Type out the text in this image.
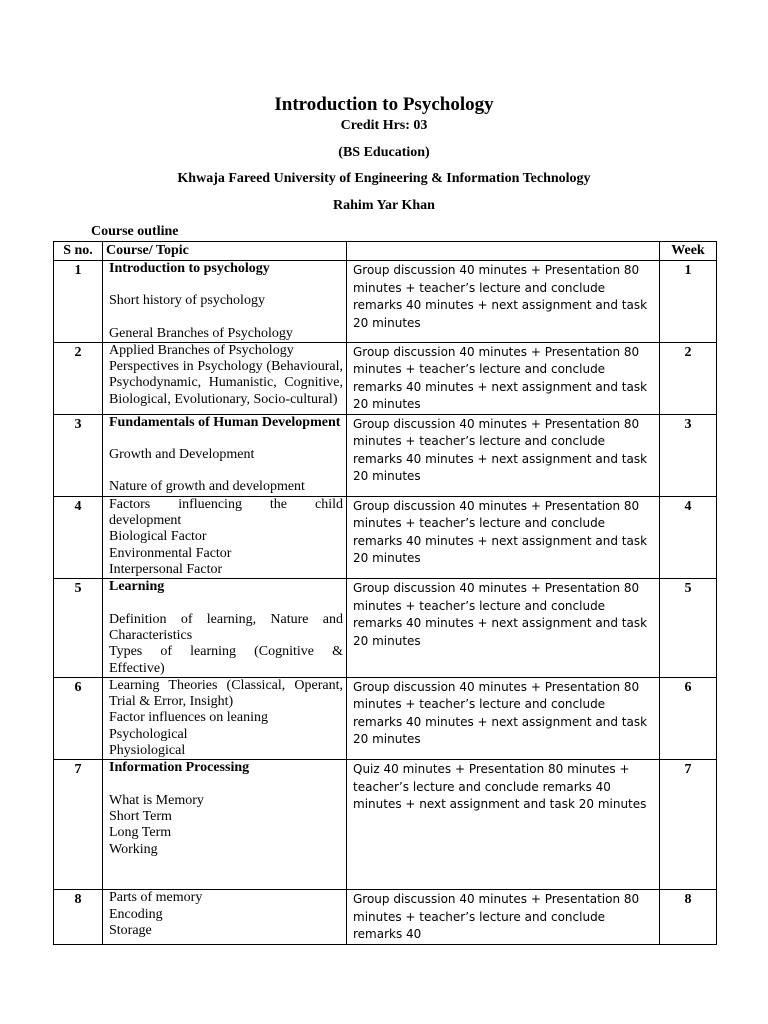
Introduction to Psychology
Credit Hrs: 03
(BS Education)
Khwaja Fareed University of Engineering & Information Technology
Rahim Yar Khan
Course outline
S no.	Course/ Topic		Week
1	Introduction to psychology
Short history of psychology
General Branches of Psychology	Group discussion 40 minutes + Presentation 80 minutes + teacher’s lecture and conclude remarks 40 minutes + next assignment and task 20 minutes	1
2	Applied Branches of Psychology
Perspectives in Psychology (Behavioural, Psychodynamic, Humanistic, Cognitive, Biological, Evolutionary, Socio-cultural)	Group discussion 40 minutes + Presentation 80 minutes + teacher’s lecture and conclude remarks 40 minutes + next assignment and task 20 minutes	2
3	Fundamentals of Human Development
Growth and Development
Nature of growth and development	Group discussion 40 minutes + Presentation 80 minutes + teacher’s lecture and conclude remarks 40 minutes + next assignment and task 20 minutes	3
4	Factors influencing the child development
Biological Factor
Environmental Factor
Interpersonal Factor	Group discussion 40 minutes + Presentation 80 minutes + teacher’s lecture and conclude remarks 40 minutes + next assignment and task 20 minutes	4
5	Learning
Definition of learning, Nature and Characteristics
Types of learning (Cognitive & Effective)	Group discussion 40 minutes + Presentation 80 minutes + teacher’s lecture and conclude remarks 40 minutes + next assignment and task 20 minutes	5
6	Learning Theories (Classical, Operant, Trial & Error, Insight)
Factor influences on leaning
Psychological
Physiological	Group discussion 40 minutes + Presentation 80 minutes + teacher’s lecture and conclude remarks 40 minutes + next assignment and task 20 minutes	6
7	Information Processing
What is Memory
Short Term
Long Term
Working	Quiz 40 minutes + Presentation 80 minutes + teacher’s lecture and conclude remarks 40 minutes + next assignment and task 20 minutes	7
8	Parts of memory
Encoding
Storage	Group discussion 40 minutes + Presentation 80 minutes + teacher’s lecture and conclude remarks 40	8
